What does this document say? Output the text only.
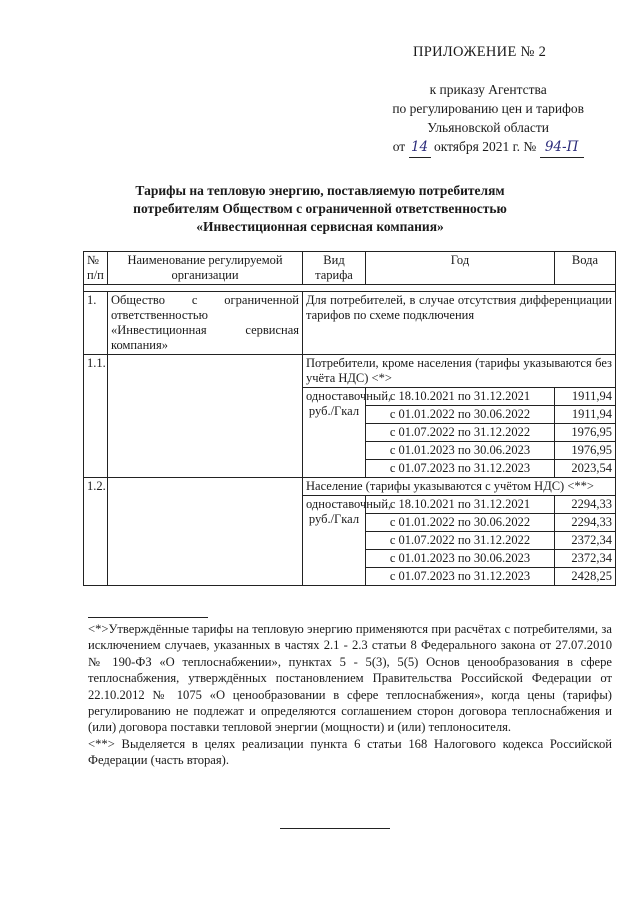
ПРИЛОЖЕНИЕ № 2
к приказу Агентства
по регулированию цен и тарифов
Ульяновской области
от 14 октября 2021 г. № 94-П
Тарифы на тепловую энергию, поставляемую потребителям
потребителям Обществом с ограниченной ответственностью
«Инвестиционная сервисная компания»
№ п/п	Наименование регулируемой организации	Вид тарифа	Год	Вода

1.	Общество с ограниченной ответственностью «Инвестиционная сервисная компания»	Для потребителей, в случае отсутствия дифференциации тарифов по схеме подключения		
1.1.		Потребители, кроме населения (тарифы указываются без учёта НДС) <*>		
		одноставочный, руб./Гкал	с 18.10.2021 по 31.12.2021	1911,94
			с 01.01.2022 по 30.06.2022	1911,94
			с 01.07.2022 по 31.12.2022	1976,95
			с 01.01.2023 по 30.06.2023	1976,95
			с 01.07.2023 по 31.12.2023	2023,54
1.2.		Население (тарифы указываются с учётом НДС) <**>		
		одноставочный, руб./Гкал	с 18.10.2021 по 31.12.2021	2294,33
			с 01.01.2022 по 30.06.2022	2294,33
			с 01.07.2022 по 31.12.2022	2372,34
			с 01.01.2023 по 30.06.2023	2372,34
			с 01.07.2023 по 31.12.2023	2428,25

<*>Утверждённые тарифы на тепловую энергию применяются при расчётах с потребителями, за исключением случаев, указанных в частях 2.1 - 2.3 статьи 8 Федерального закона от 27.07.2010 № 190-ФЗ «О теплоснабжении», пунктах 5 - 5(3), 5(5) Основ ценообразования в сфере теплоснабжения, утверждённых постановлением Правительства Российской Федерации от 22.10.2012 № 1075 «О ценообразовании в сфере теплоснабжения», когда цены (тарифы) регулированию не подлежат и определяются соглашением сторон договора теплоснабжения и (или) договора поставки тепловой энергии (мощности) и (или) теплоносителя.

<**> Выделяется в целях реализации пункта 6 статьи 168 Налогового кодекса Российской Федерации (часть вторая).
